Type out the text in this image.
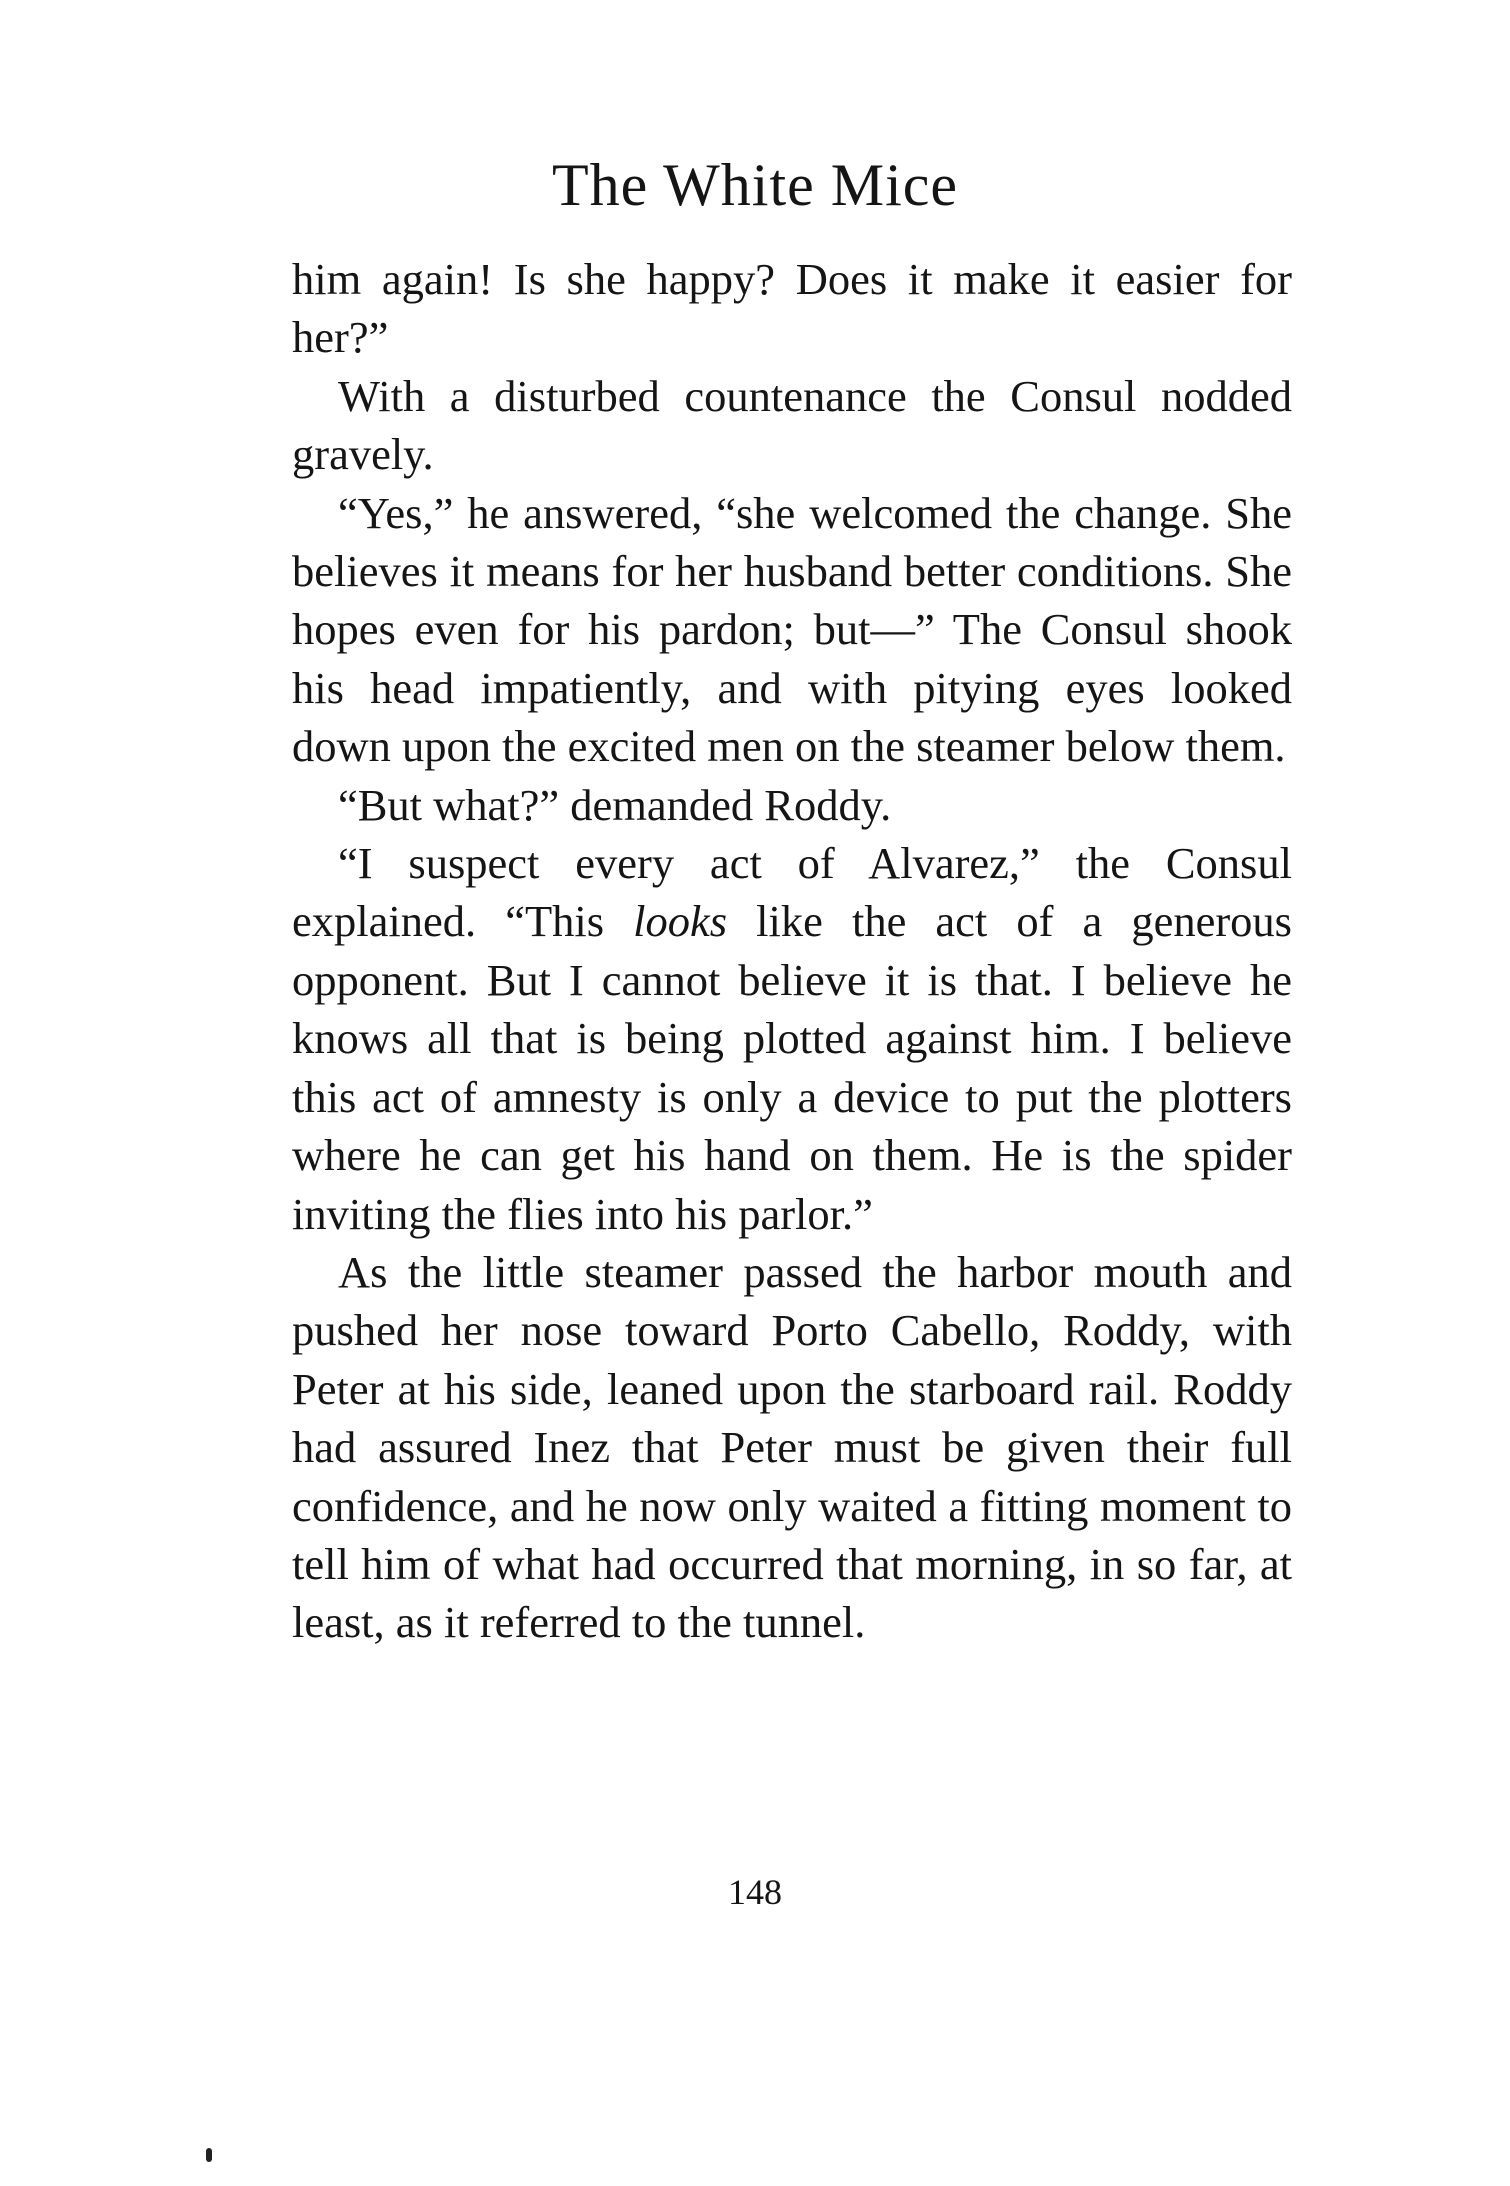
The White Mice

him again! Is she happy? Does it make it easier for her?”

With a disturbed countenance the Consul nodded gravely.

“Yes,” he answered, “she welcomed the change. She believes it means for her husband better conditions. She hopes even for his pardon; but—” The Consul shook his head impatiently, and with pitying eyes looked down upon the excited men on the steamer below them.

“But what?” demanded Roddy.

“I suspect every act of Alvarez,” the Consul explained. “This looks like the act of a generous opponent. But I cannot believe it is that. I believe he knows all that is being plotted against him. I believe this act of amnesty is only a device to put the plotters where he can get his hand on them. He is the spider inviting the flies into his parlor.”

As the little steamer passed the harbor mouth and pushed her nose toward Porto Cabello, Roddy, with Peter at his side, leaned upon the starboard rail. Roddy had assured Inez that Peter must be given their full confidence, and he now only waited a fitting moment to tell him of what had occurred that morning, in so far, at least, as it referred to the tunnel.

148
